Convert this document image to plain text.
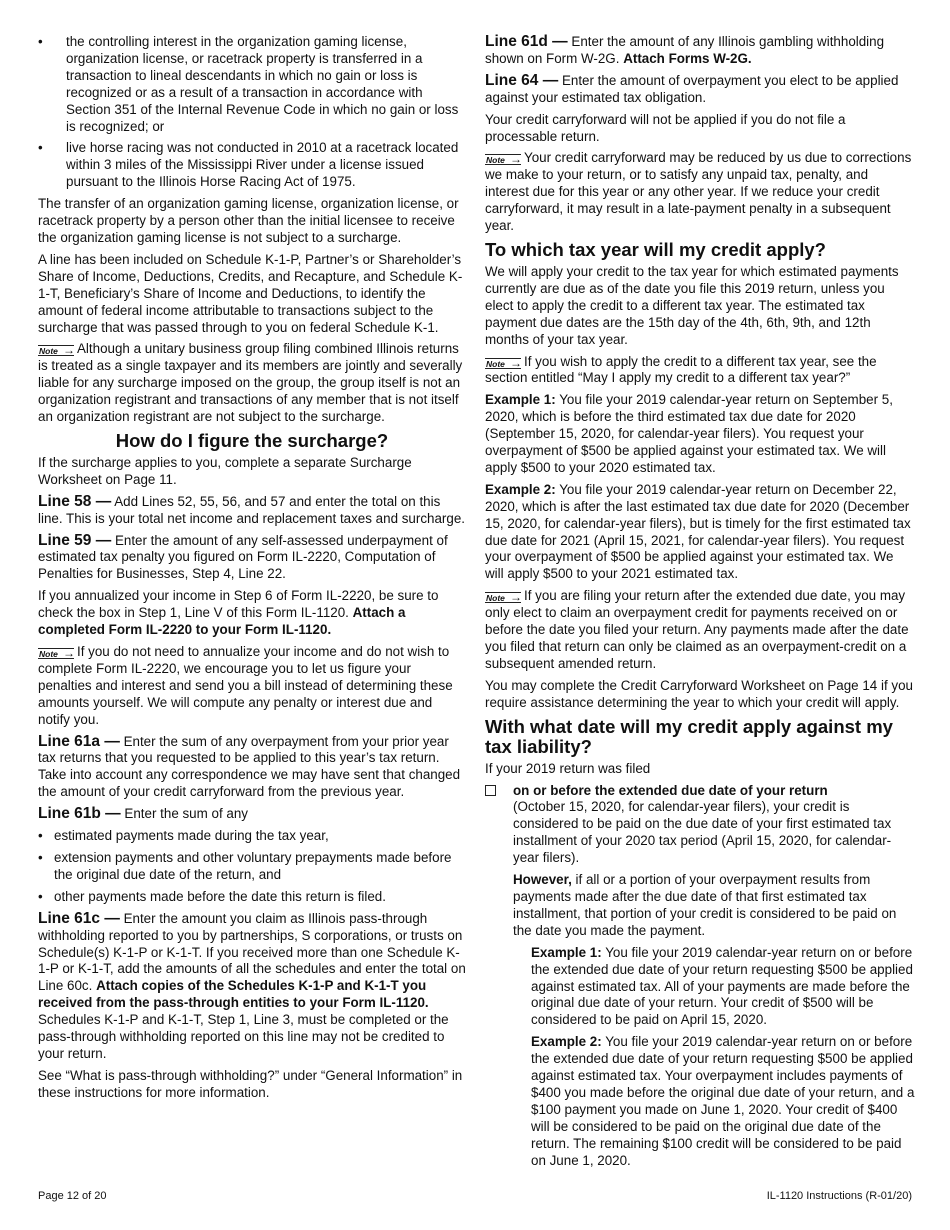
• the controlling interest in the organization gaming license, organization license, or racetrack property is transferred in a transaction to lineal descendants in which no gain or loss is recognized or as a result of a transaction in accordance with Section 351 of the Internal Revenue Code in which no gain or loss is recognized; or
• live horse racing was not conducted in 2010 at a racetrack located within 3 miles of the Mississippi River under a license issued pursuant to the Illinois Horse Racing Act of 1975.

The transfer of an organization gaming license, organization license, or racetrack property by a person other than the initial licensee to receive the organization gaming license is not subject to a surcharge.

A line has been included on Schedule K-1-P, Partner’s or Shareholder’s Share of Income, Deductions, Credits, and Recapture, and Schedule K-1-T, Beneficiary’s Share of Income and Deductions, to identify the amount of federal income attributable to transactions subject to the surcharge that was passed through to you on federal Schedule K-1.

Note → Although a unitary business group filing combined Illinois returns is treated as a single taxpayer and its members are jointly and severally liable for any surcharge imposed on the group, the group itself is not an organization registrant and transactions of any member that is not itself an organization registrant are not subject to the surcharge.

How do I figure the surcharge?

If the surcharge applies to you, complete a separate Surcharge Worksheet on Page 11.

Line 58 — Add Lines 52, 55, 56, and 57 and enter the total on this line. This is your total net income and replacement taxes and surcharge.

Line 59 — Enter the amount of any self-assessed underpayment of estimated tax penalty you figured on Form IL-2220, Computation of Penalties for Businesses, Step 4, Line 22.

If you annualized your income in Step 6 of Form IL-2220, be sure to check the box in Step 1, Line V of this Form IL-1120. Attach a completed Form IL-2220 to your Form IL-1120.

Note → If you do not need to annualize your income and do not wish to complete Form IL-2220, we encourage you to let us figure your penalties and interest and send you a bill instead of determining these amounts yourself. We will compute any penalty or interest due and notify you.

Line 61a — Enter the sum of any overpayment from your prior year tax returns that you requested to be applied to this year’s tax return. Take into account any correspondence we may have sent that changed the amount of your credit carryforward from the previous year.

Line 61b — Enter the sum of any

• estimated payments made during the tax year,
• extension payments and other voluntary prepayments made before the original due date of the return, and
• other payments made before the date this return is filed.

Line 61c — Enter the amount you claim as Illinois pass-through withholding reported to you by partnerships, S corporations, or trusts on Schedule(s) K-1-P or K-1-T. If you received more than one Schedule K-1-P or K-1-T, add the amounts of all the schedules and enter the total on Line 60c. Attach copies of the Schedules K-1-P and K-1-T you received from the pass-through entities to your Form IL-1120. Schedules K-1-P and K-1-T, Step 1, Line 3, must be completed or the pass-through withholding reported on this line may not be credited to your return.

See “What is pass-through withholding?” under “General Information” in these instructions for more information.

Line 61d — Enter the amount of any Illinois gambling withholding shown on Form W-2G. Attach Forms W-2G.

Line 64 — Enter the amount of overpayment you elect to be applied against your estimated tax obligation.

Your credit carryforward will not be applied if you do not file a processable return.

Note → Your credit carryforward may be reduced by us due to corrections we make to your return, or to satisfy any unpaid tax, penalty, and interest due for this year or any other year. If we reduce your credit carryforward, it may result in a late-payment penalty in a subsequent year.

To which tax year will my credit apply?

We will apply your credit to the tax year for which estimated payments currently are due as of the date you file this 2019 return, unless you elect to apply the credit to a different tax year. The estimated tax payment due dates are the 15th day of the 4th, 6th, 9th, and 12th months of your tax year.

Note → If you wish to apply the credit to a different tax year, see the section entitled “May I apply my credit to a different tax year?”

Example 1: You file your 2019 calendar-year return on September 5, 2020, which is before the third estimated tax due date for 2020 (September 15, 2020, for calendar-year filers). You request your overpayment of $500 be applied against your estimated tax. We will apply $500 to your 2020 estimated tax.

Example 2: You file your 2019 calendar-year return on December 22, 2020, which is after the last estimated tax due date for 2020 (December 15, 2020, for calendar-year filers), but is timely for the first estimated tax due date for 2021 (April 15, 2021, for calendar-year filers). You request your overpayment of $500 be applied against your estimated tax. We will apply $500 to your 2021 estimated tax.

Note → If you are filing your return after the extended due date, you may only elect to claim an overpayment credit for payments received on or before the date you filed your return. Any payments made after the date you filed that return can only be claimed as an overpayment-credit on a subsequent amended return.

You may complete the Credit Carryforward Worksheet on Page 14 if you require assistance determining the year to which your credit will apply.

With what date will my credit apply against my tax liability?

If your 2019 return was filed

on or before the extended due date of your return
(October 15, 2020, for calendar-year filers), your credit is considered to be paid on the due date of your first estimated tax installment of your 2020 tax period (April 15, 2020, for calendar-year filers).

However, if all or a portion of your overpayment results from payments made after the due date of that first estimated tax installment, that portion of your credit is considered to be paid on the date you made the payment.

Example 1: You file your 2019 calendar-year return on or before the extended due date of your return requesting $500 be applied against estimated tax. All of your payments are made before the original due date of your return. Your credit of $500 will be considered to be paid on April 15, 2020.

Example 2: You file your 2019 calendar-year return on or before the extended due date of your return requesting $500 be applied against estimated tax. Your overpayment includes payments of $400 you made before the original due date of your return, and a $100 payment you made on June 1, 2020. Your credit of $400 will be considered to be paid on the original due date of the return. The remaining $100 credit will be considered to be paid on June 1, 2020.

Page 12 of 20	IL-1120 Instructions (R-01/20)
